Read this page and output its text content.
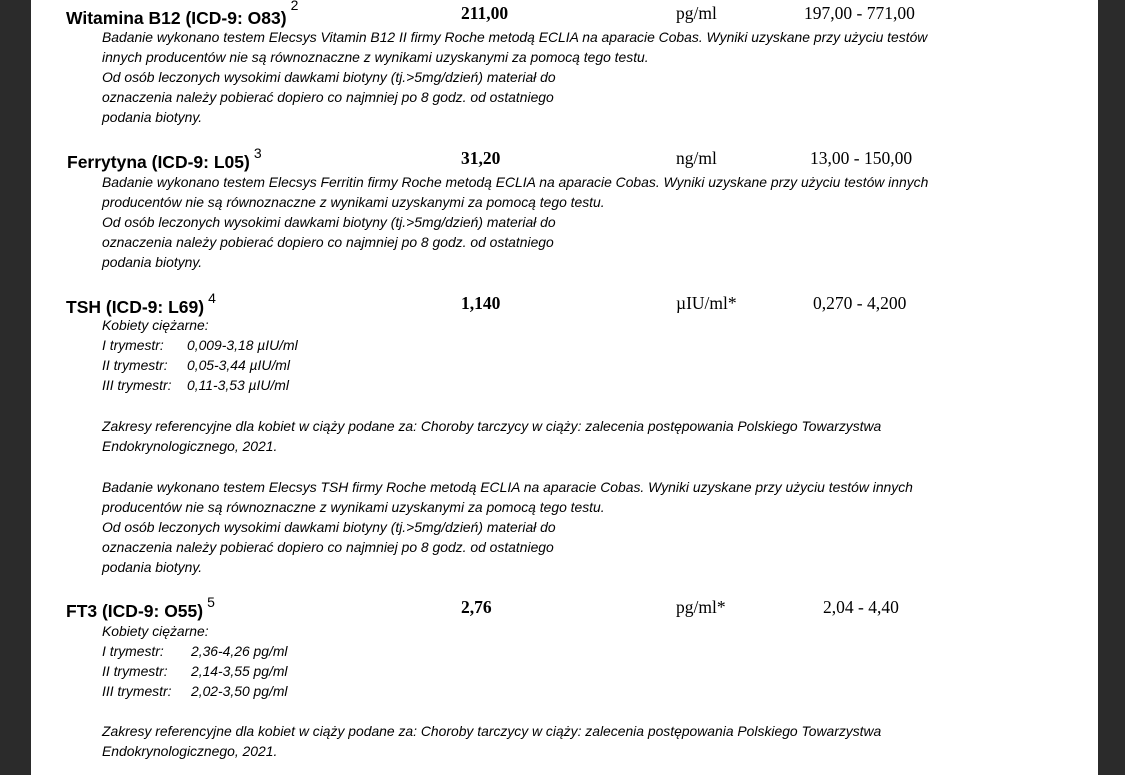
Witamina B12 (ICD-9: O83)$^2$	211,00	pg/ml	197,00 - 771,00
Badanie wykonano testem Elecsys Vitamin B12 II firmy Roche metodą ECLIA na aparacie Cobas. Wyniki uzyskane przy użyciu testów
innych producentów nie są równoznaczne z wynikami uzyskanymi za pomocą tego testu.
Od osób leczonych wysokimi dawkami biotyny (tj.>5mg/dzień) materiał do
oznaczenia należy pobierać dopiero co najmniej po 8 godz. od ostatniego
podania biotyny.
Ferrytyna (ICD-9: L05) $^3$	31,20	ng/ml	13,00 - 150,00
Badanie wykonano testem Elecsys Ferritin firmy Roche metodą ECLIA na aparacie Cobas. Wyniki uzyskane przy użyciu testów innych
producentów nie są równoznaczne z wynikami uzyskanymi za pomocą tego testu.
Od osób leczonych wysokimi dawkami biotyny (tj.>5mg/dzień) materiał do
oznaczenia należy pobierać dopiero co najmniej po 8 godz. od ostatniego
podania biotyny.
TSH (ICD-9: L69) $^4$	1,140	µIU/ml*	0,270 - 4,200
Kobiety ciężarne:
I trymestr: 0,009-3,18 µIU/ml
II trymestr: 0,05-3,44 µIU/ml
III trymestr: 0,11-3,53 µIU/ml
Zakresy referencyjne dla kobiet w ciąży podane za: Choroby tarczycy w ciąży: zalecenia postępowania Polskiego Towarzystwa
Endokrynologicznego, 2021.
Badanie wykonano testem Elecsys TSH firmy Roche metodą ECLIA na aparacie Cobas. Wyniki uzyskane przy użyciu testów innych
producentów nie są równoznaczne z wynikami uzyskanymi za pomocą tego testu.
Od osób leczonych wysokimi dawkami biotyny (tj.>5mg/dzień) materiał do
oznaczenia należy pobierać dopiero co najmniej po 8 godz. od ostatniego
podania biotyny.
FT3 (ICD-9: O55) $^5$	2,76	pg/ml*	2,04 - 4,40
Kobiety ciężarne:
I trymestr: 2,36-4,26 pg/ml
II trymestr: 2,14-3,55 pg/ml
III trymestr: 2,02-3,50 pg/ml
Zakresy referencyjne dla kobiet w ciąży podane za: Choroby tarczycy w ciąży: zalecenia postępowania Polskiego Towarzystwa
Endokrynologicznego, 2021.
